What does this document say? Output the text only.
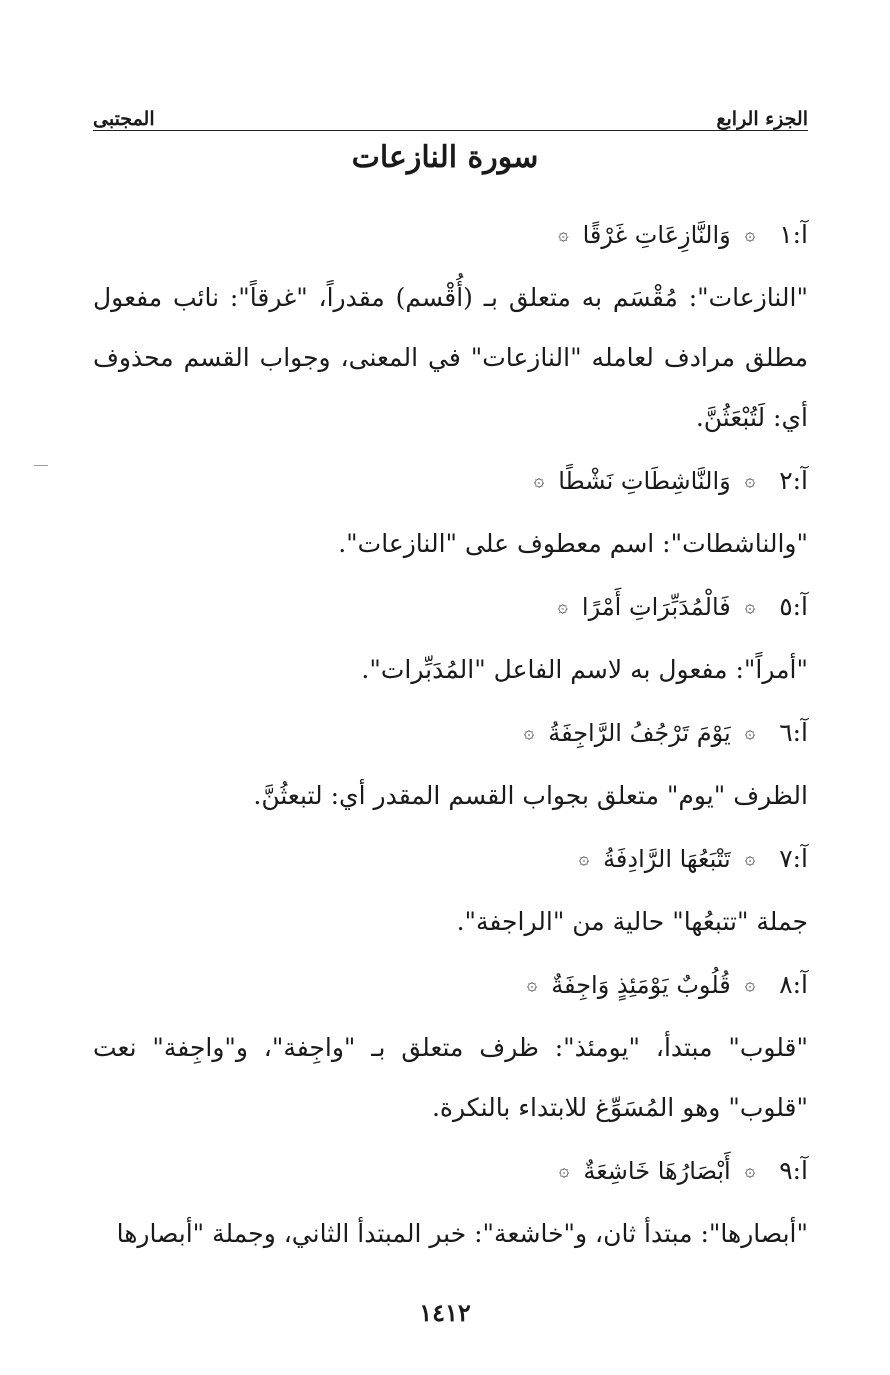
الجزء الرابع
المجتبى
سورة النازعات

آ:١ ۞ وَالنَّازِعَاتِ غَرْقًا ۞

"النازعات": مُقْسَم به متعلق بـ (أُقْسم) مقدراً، "غرقاً": نائب مفعول مطلق مرادف لعامله "النازعات" في المعنى، وجواب القسم محذوف أي: لَتُبْعَثُنَّ.

آ:٢ ۞ وَالنَّاشِطَاتِ نَشْطًا ۞

"والناشطات": اسم معطوف على "النازعات".

آ:٥ ۞ فَالْمُدَبِّرَاتِ أَمْرًا ۞

"أمراً": مفعول به لاسم الفاعل "المُدَبِّرات".

آ:٦ ۞ يَوْمَ تَرْجُفُ الرَّاجِفَةُ ۞

الظرف "يوم" متعلق بجواب القسم المقدر أي: لتبعثُنَّ.

آ:٧ ۞ تَتْبَعُهَا الرَّادِفَةُ ۞

جملة "تتبعُها" حالية من "الراجفة".

آ:٨ ۞ قُلُوبٌ يَوْمَئِذٍ وَاجِفَةٌ ۞

"قلوب" مبتدأ، "يومئذ": ظرف متعلق بـ "واجِفة"، و"واجِفة" نعت "قلوب" وهو المُسَوِّغ للابتداء بالنكرة.

آ:٩ ۞ أَبْصَارُهَا خَاشِعَةٌ ۞

"أبصارها": مبتدأ ثان، و"خاشعة": خبر المبتدأ الثاني، وجملة "أبصارها

١٤١٢
